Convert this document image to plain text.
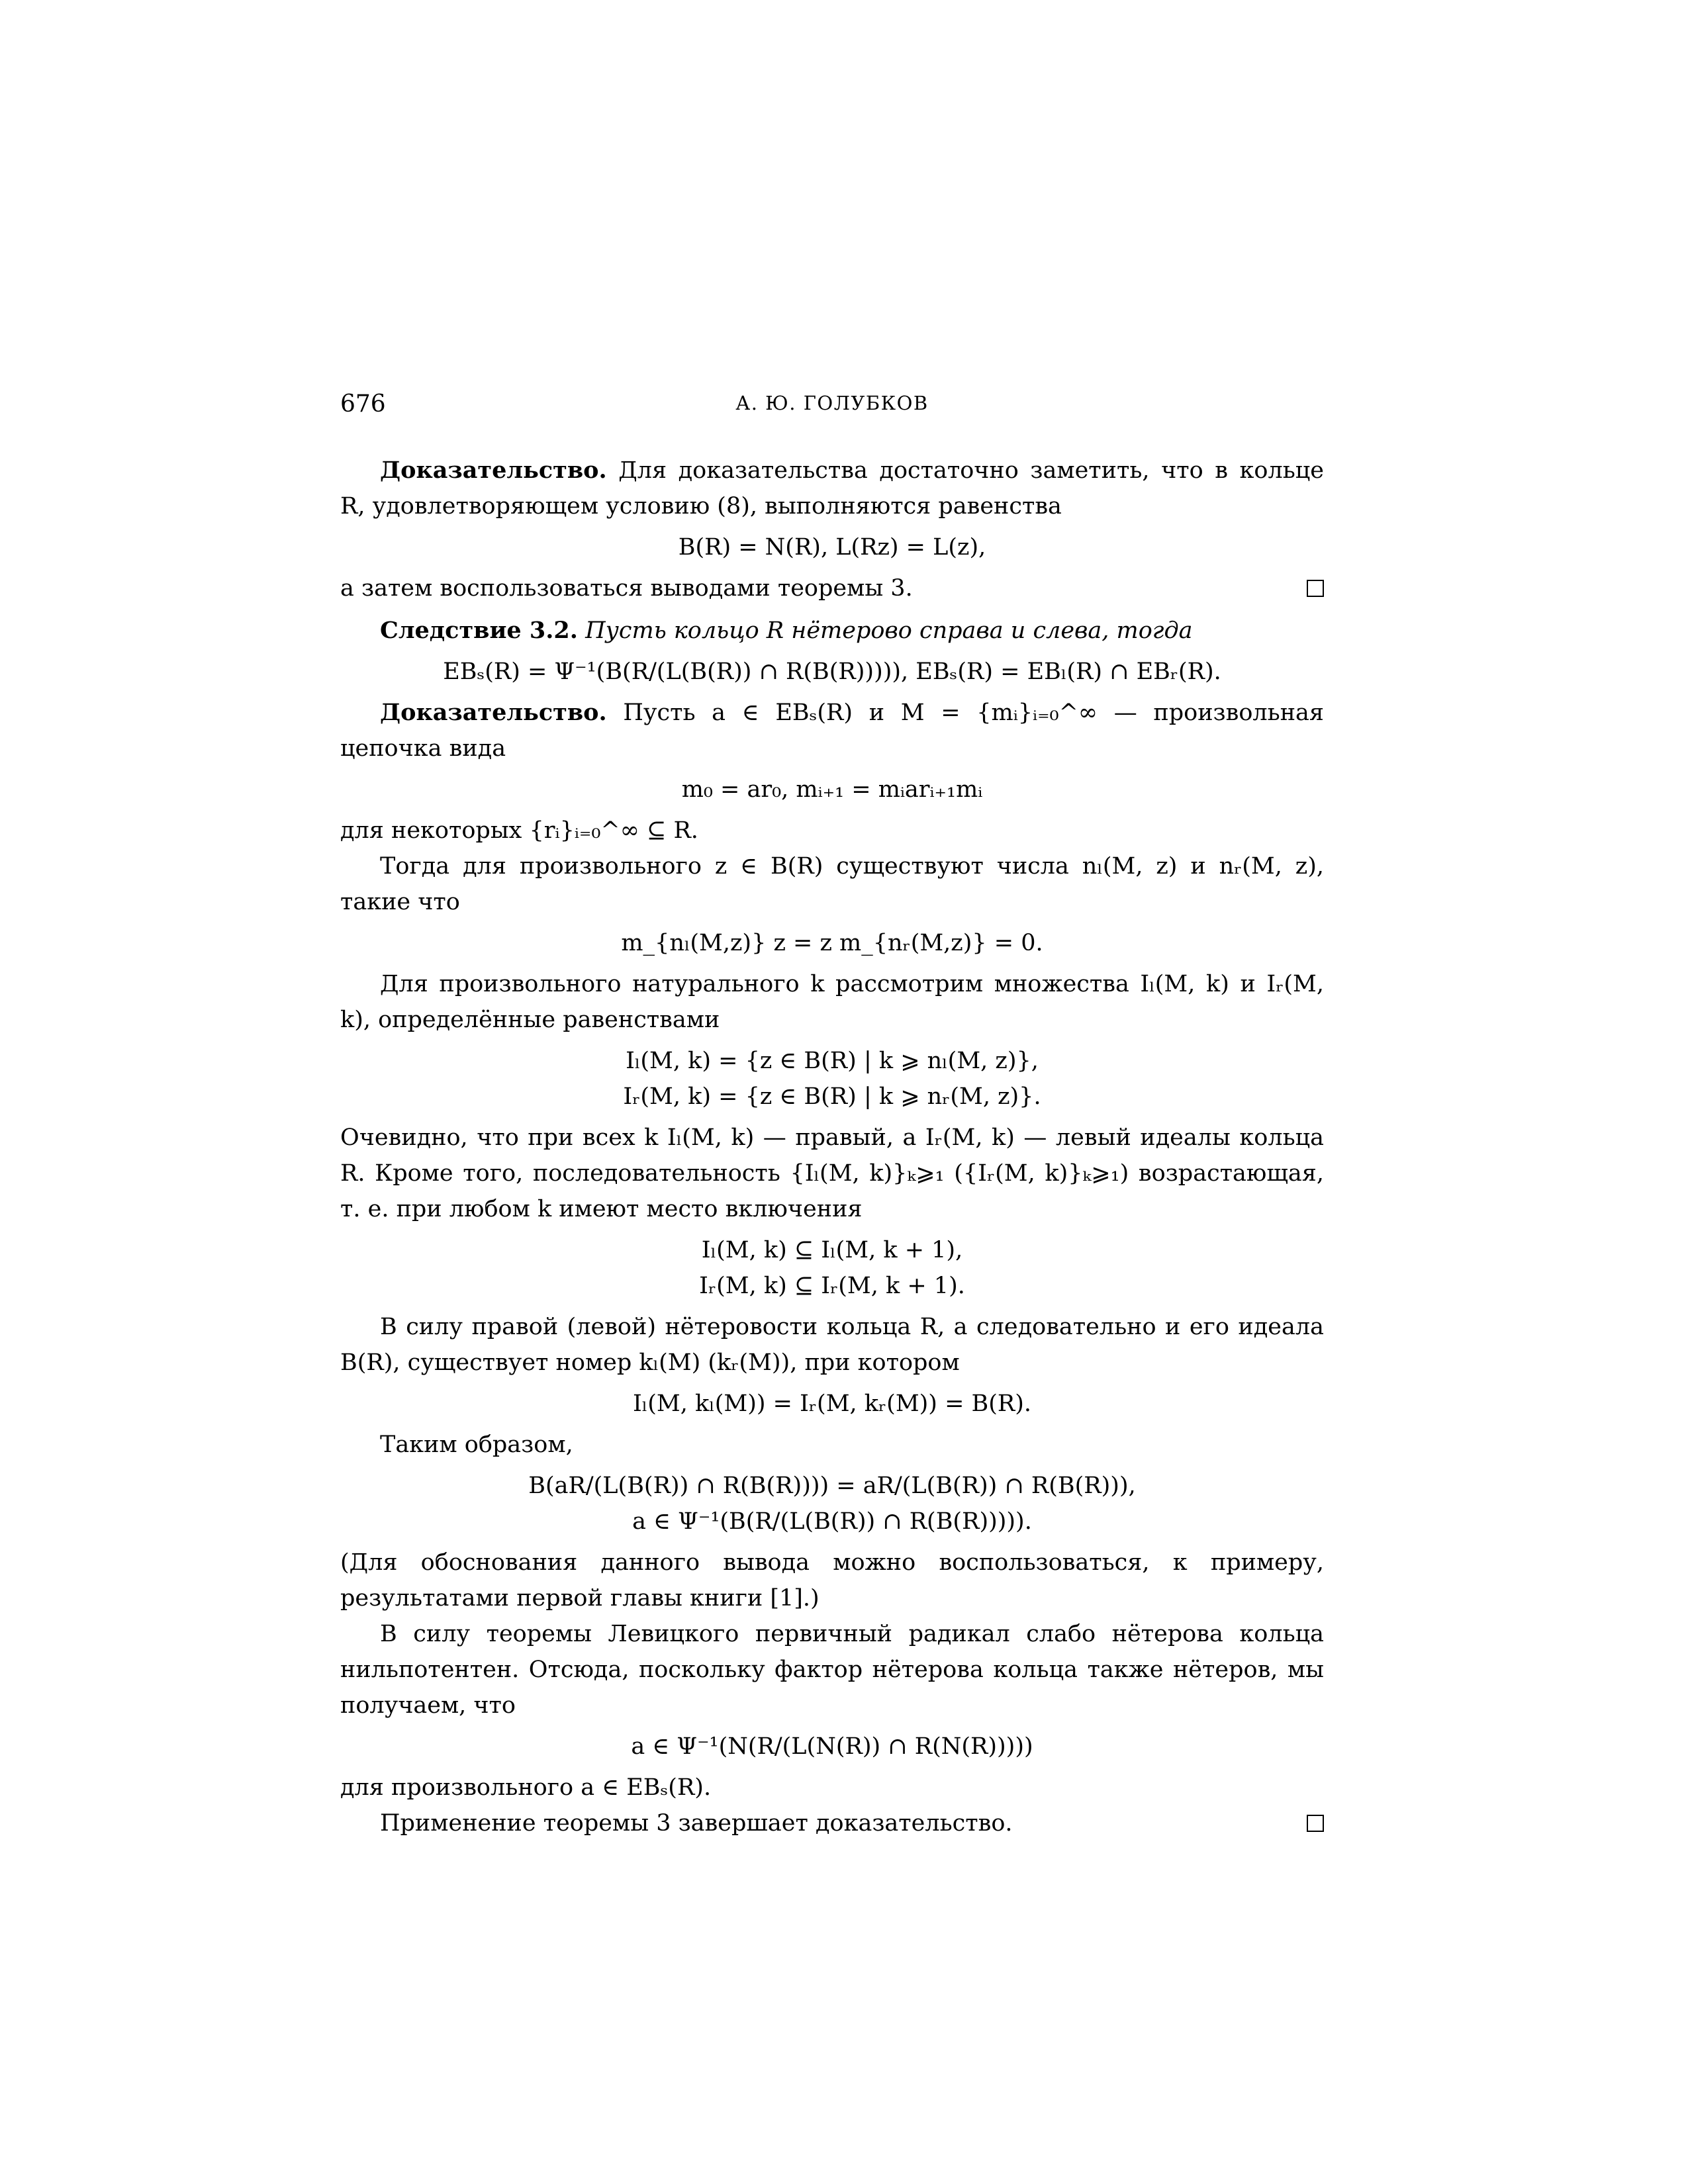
676	А. Ю. ГОЛУБКОВ

Доказательство. Для доказательства достаточно заметить, что в кольце R, удовлетворяющем условию (8), выполняются равенства

B(R) = N(R), L(Rz) = L(z),
а затем воспользоваться выводами теоремы 3.

Следствие 3.2. Пусть кольцо R нётерово справа и слева, тогда

EBₛ(R) = Ψ⁻¹(B(R/(L(B(R)) ∩ R(B(R))))), EBₛ(R) = EBₗ(R) ∩ EBᵣ(R).

Доказательство. Пусть a ∈ EBₛ(R) и M = {mᵢ}ᵢ₌₀^∞ — произвольная цепочка вида

m₀ = ar₀, mᵢ₊₁ = mᵢarᵢ₊₁mᵢ

для некоторых {rᵢ}ᵢ₌₀^∞ ⊆ R.

Тогда для произвольного z ∈ B(R) существуют числа nₗ(M, z) и nᵣ(M, z), такие что

m_{nₗ(M,z)} z = z m_{nᵣ(M,z)} = 0.

Для произвольного натурального k рассмотрим множества Iₗ(M, k) и Iᵣ(M, k), определённые равенствами

Iₗ(M, k) = {z ∈ B(R) | k ⩾ nₗ(M, z)},
Iᵣ(M, k) = {z ∈ B(R) | k ⩾ nᵣ(M, z)}.

Очевидно, что при всех k Iₗ(M, k) — правый, а Iᵣ(M, k) — левый идеалы кольца R. Кроме того, последовательность {Iₗ(M, k)}ₖ⩾₁ ({Iᵣ(M, k)}ₖ⩾₁) возрастающая, т. е. при любом k имеют место включения

Iₗ(M, k) ⊆ Iₗ(M, k + 1),
Iᵣ(M, k) ⊆ Iᵣ(M, k + 1).

В силу правой (левой) нётеровости кольца R, а следовательно и его идеала B(R), существует номер kₗ(M) (kᵣ(M)), при котором

Iₗ(M, kₗ(M)) = Iᵣ(M, kᵣ(M)) = B(R).

Таким образом,

B(aR/(L(B(R)) ∩ R(B(R)))) = aR/(L(B(R)) ∩ R(B(R))),
a ∈ Ψ⁻¹(B(R/(L(B(R)) ∩ R(B(R))))).

(Для обоснования данного вывода можно воспользоваться, к примеру, результатами первой главы книги [1].)

В силу теоремы Левицкого первичный радикал слабо нётерова кольца нильпотентен. Отсюда, поскольку фактор нётерова кольца также нётеров, мы получаем, что

a ∈ Ψ⁻¹(N(R/(L(N(R)) ∩ R(N(R)))))

для произвольного a ∈ EBₛ(R).

Применение теоремы 3 завершает доказательство.
